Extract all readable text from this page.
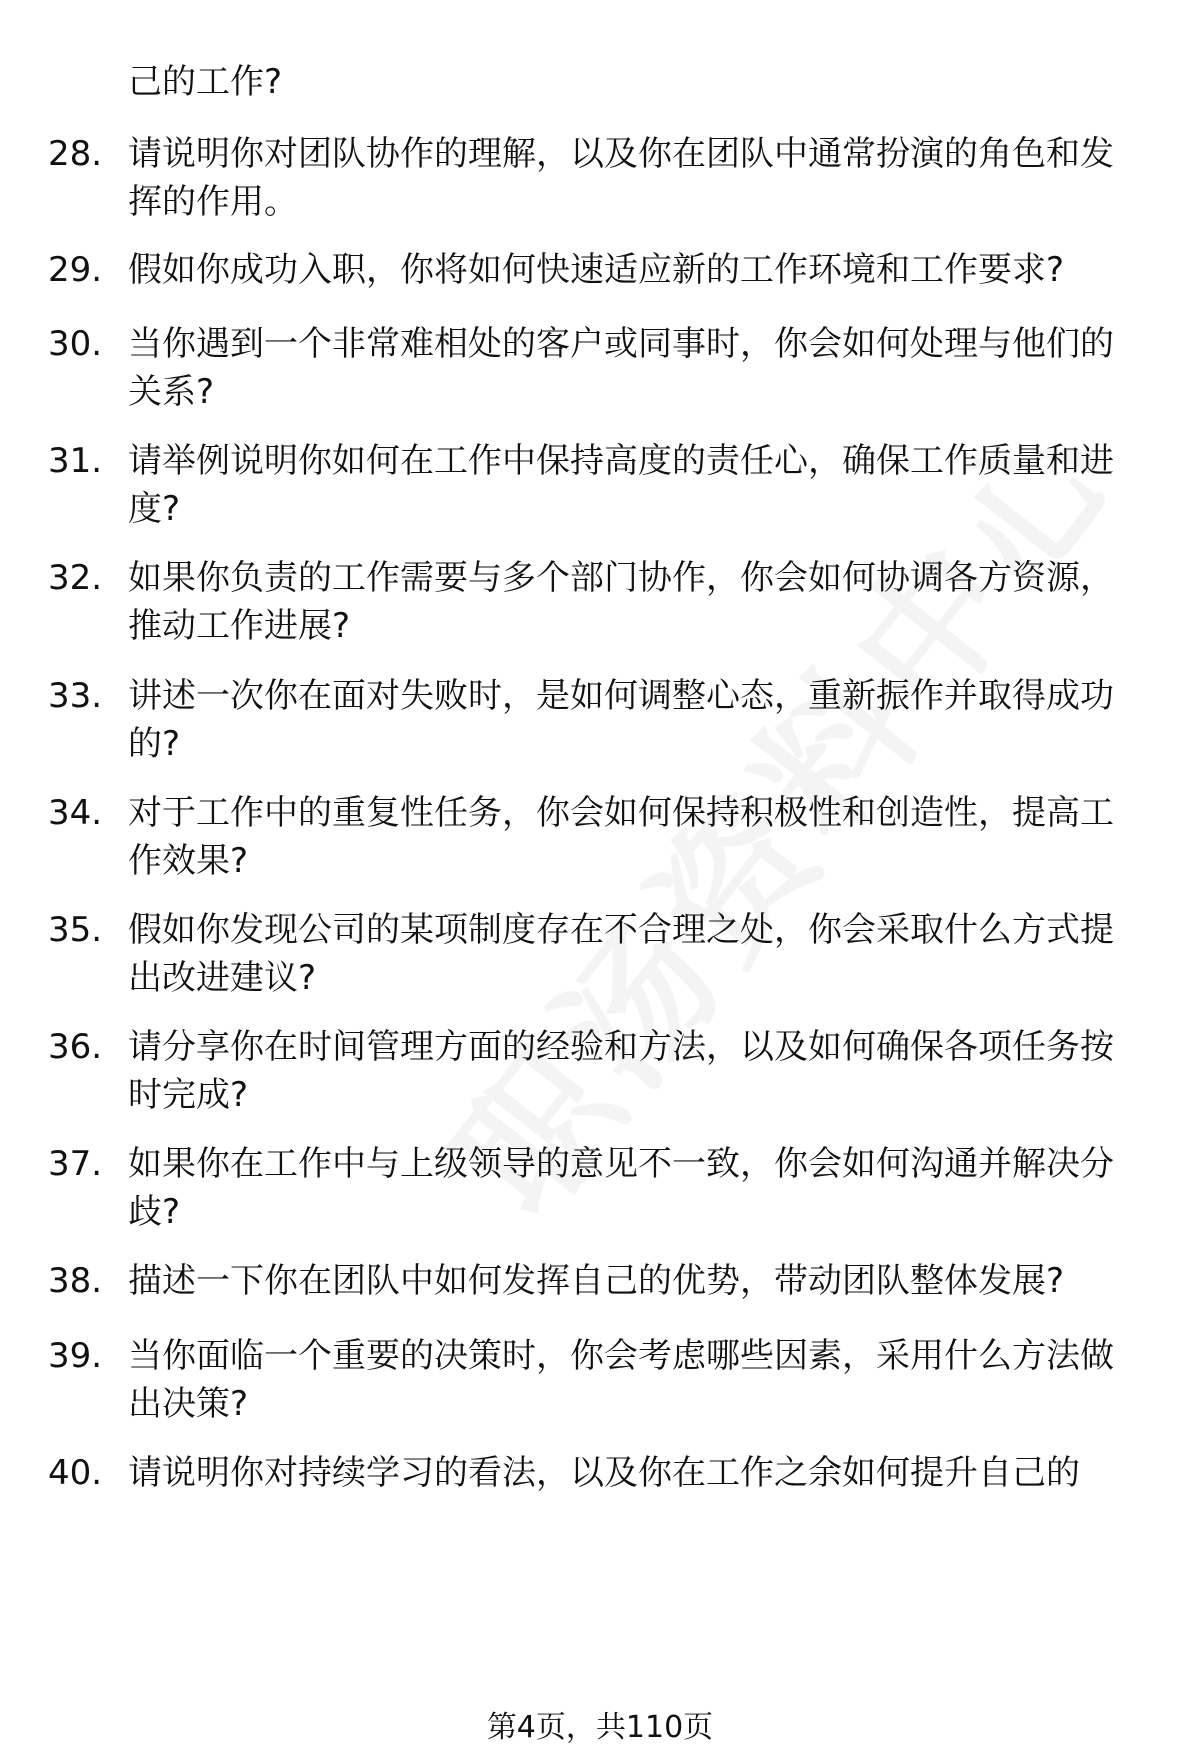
己的工作?
28. 请说明你对团队协作的理解，以及你在团队中通常扮演的角色和发挥的作用。
29. 假如你成功入职，你将如何快速适应新的工作环境和工作要求?
30. 当你遇到一个非常难相处的客户或同事时，你会如何处理与他们的关系?
31. 请举例说明你如何在工作中保持高度的责任心，确保工作质量和进度?
32. 如果你负责的工作需要与多个部门协作，你会如何协调各方资源，推动工作进展?
33. 讲述一次你在面对失败时，是如何调整心态，重新振作并取得成功的?
34. 对于工作中的重复性任务，你会如何保持积极性和创造性，提高工作效果?
35. 假如你发现公司的某项制度存在不合理之处，你会采取什么方式提出改进建议?
36. 请分享你在时间管理方面的经验和方法，以及如何确保各项任务按时完成?
37. 如果你在工作中与上级领导的意见不一致，你会如何沟通并解决分歧?
38. 描述一下你在团队中如何发挥自己的优势，带动团队整体发展?
39. 当你面临一个重要的决策时，你会考虑哪些因素，采用什么方法做出决策?
40. 请说明你对持续学习的看法，以及你在工作之余如何提升自己的
第4页，共110页
